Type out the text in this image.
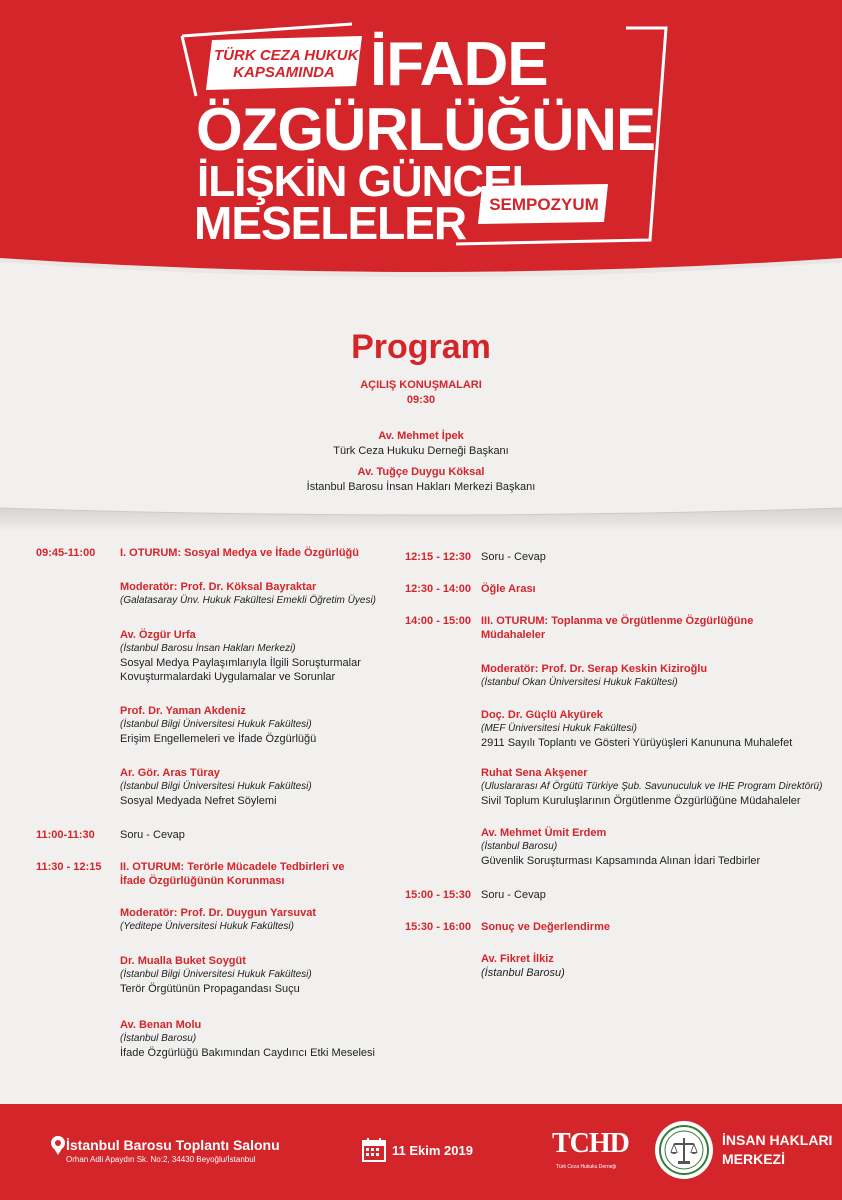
TÜRK CEZA HUKUKU
KAPSAMINDA İFADE
ÖZGÜRLÜĞÜNE
İLİŞKİN GÜNCEL
MESELELER SEMPOZYUM
Program
AÇILIŞ KONUŞMALARI
09:30
Av. Mehmet İpek
Türk Ceza Hukuku Derneği Başkanı
Av. Tuğçe Duygu Köksal
İstanbul Barosu İnsan Hakları Merkezi Başkanı
09:45-11:00 I. OTURUM: Sosyal Medya ve İfade Özgürlüğü
Moderatör: Prof. Dr. Köksal Bayraktar
(Galatasaray Ünv. Hukuk Fakültesi Emekli Öğretim Üyesi)
Av. Özgür Urfa
(İstanbul Barosu İnsan Hakları Merkezi)
Sosyal Medya Paylaşımlarıyla İlgili Soruşturmalar
Kovuşturmalardaki Uygulamalar ve Sorunlar
Prof. Dr. Yaman Akdeniz
(İstanbul Bilgi Üniversitesi Hukuk Fakültesi)
Erişim Engellemeleri ve İfade Özgürlüğü
Ar. Gör. Aras Türay
(İstanbul Bilgi Üniversitesi Hukuk Fakültesi)
Sosyal Medyada Nefret Söylemi
11:00-11:30 Soru - Cevap
11:30 - 12:15 II. OTURUM: Terörle Mücadele Tedbirleri ve
İfade Özgürlüğünün Korunması
Moderatör: Prof. Dr. Duygun Yarsuvat
(Yeditepe Üniversitesi Hukuk Fakültesi)
Dr. Mualla Buket Soygüt
(İstanbul Bilgi Üniversitesi Hukuk Fakültesi)
Terör Örgütünün Propagandası Suçu
Av. Benan Molu
(İstanbul Barosu)
İfade Özgürlüğü Bakımından Caydırıcı Etki Meselesi
12:15 - 12:30 Soru - Cevap
12:30 - 14:00 Öğle Arası
14:00 - 15:00 III. OTURUM: Toplanma ve Örgütlenme Özgürlüğüne
Müdahaleler
Moderatör: Prof. Dr. Serap Keskin Kiziroğlu
(İstanbul Okan Üniversitesi Hukuk Fakültesi)
Doç. Dr. Güçlü Akyürek
(MEF Üniversitesi Hukuk Fakültesi)
2911 Sayılı Toplantı ve Gösteri Yürüyüşleri Kanununa Muhalefet
Ruhat Sena Akşener
(Uluslararası Af Örgütü Türkiye Şub. Savunuculuk ve IHE Program Direktörü)
Sivil Toplum Kuruluşlarının Örgütlenme Özgürlüğüne Müdahaleler
Av. Mehmet Ümit Erdem
(İstanbul Barosu)
Güvenlik Soruşturması Kapsamında Alınan İdari Tedbirler
15:00 - 15:30 Soru - Cevap
15:30 - 16:00 Sonuç ve Değerlendirme
Av. Fikret İlkiz
(İstanbul Barosu)
İstanbul Barosu Toplantı Salonu
Orhan Adli Apaydın Sk. No:2, 34430 Beyoğlu/İstanbul
11 Ekim 2019	TCHD
Türk Ceza Hukuku Derneği
İNSAN HAKLARI
MERKEZİ
